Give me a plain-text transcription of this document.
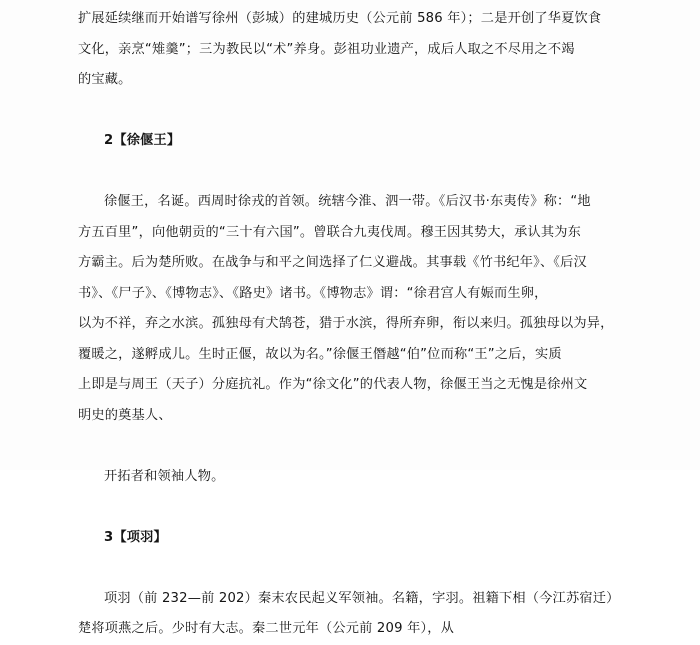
扩展延续继而开始谱写徐州（彭城）的建城历史（公元前 586 年）；二是开创了华夏饮食

文化，亲烹“雉羹”；三为教民以“术”养身。彭祖功业遗产，成后人取之不尽用之不竭

的宝藏。

2【徐偃王】

徐偃王，名诞。西周时徐戎的首领。统辖今淮、泗一带。《后汉书·东夷传》称：“地

方五百里”，向他朝贡的“三十有六国”。曾联合九夷伐周。穆王因其势大，承认其为东

方霸主。后为楚所败。在战争与和平之间选择了仁义避战。其事载《竹书纪年》、《后汉

书》、《尸子》、《博物志》、《路史》诸书。《博物志》谓：“徐君宫人有娠而生卵，

以为不祥，弃之水滨。孤独母有犬鹄苍，猎于水滨，得所弃卵，衔以来归。孤独母以为异，

覆暖之，遂孵成儿。生时正偃，故以为名。”徐偃王僭越“伯”位而称“王”之后，实质

上即是与周王（天子）分庭抗礼。作为“徐文化”的代表人物，徐偃王当之无愧是徐州文

明史的奠基人、

开拓者和领袖人物。

3【项羽】

项羽（前 232—前 202）秦末农民起义军领袖。名籍，字羽。祖籍下相（今江苏宿迁）

楚将项燕之后。少时有大志。秦二世元年（公元前 209 年），从
